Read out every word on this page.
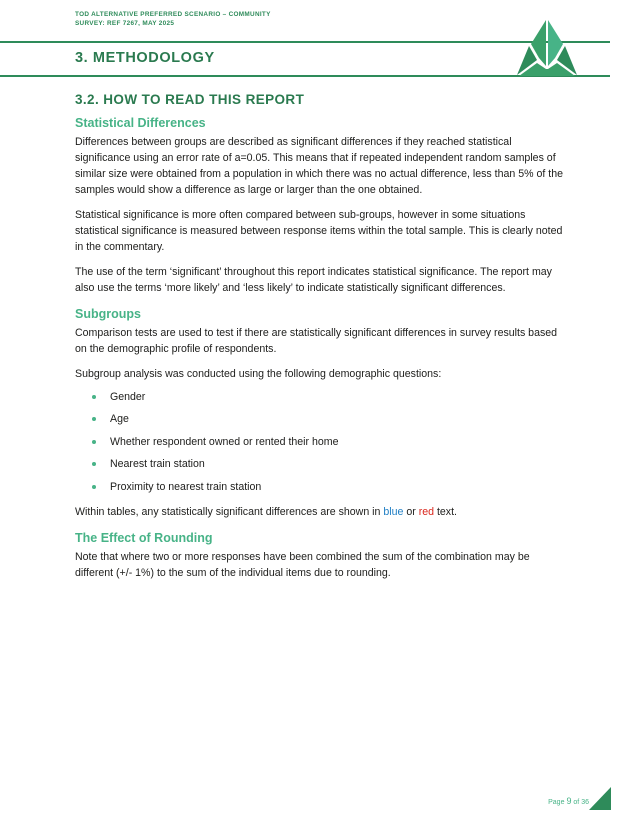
TOD ALTERNATIVE PREFERRED SCENARIO – COMMUNITY
SURVEY: REF 7267, MAY 2025
3. METHODOLOGY
3.2. HOW TO READ THIS REPORT
Statistical Differences

Differences between groups are described as significant differences if they reached statistical significance using an error rate of a=0.05. This means that if repeated independent random samples of similar size were obtained from a population in which there was no actual difference, less than 5% of the samples would show a difference as large or larger than the one obtained.

Statistical significance is more often compared between sub-groups, however in some situations statistical significance is measured between response items within the total sample. This is clearly noted in the commentary.

The use of the term ‘significant’ throughout this report indicates statistical significance. The report may also use the terms ‘more likely’ and ‘less likely’ to indicate statistically significant differences.

Subgroups

Comparison tests are used to test if there are statistically significant differences in survey results based on the demographic profile of respondents.

Subgroup analysis was conducted using the following demographic questions:

Gender
Age
Whether respondent owned or rented their home
Nearest train station
Proximity to nearest train station

Within tables, any statistically significant differences are shown in blue or red text.

The Effect of Rounding

Note that where two or more responses have been combined the sum of the combination may be different (+/- 1%) to the sum of the individual items due to rounding.

Page 9 of 36
